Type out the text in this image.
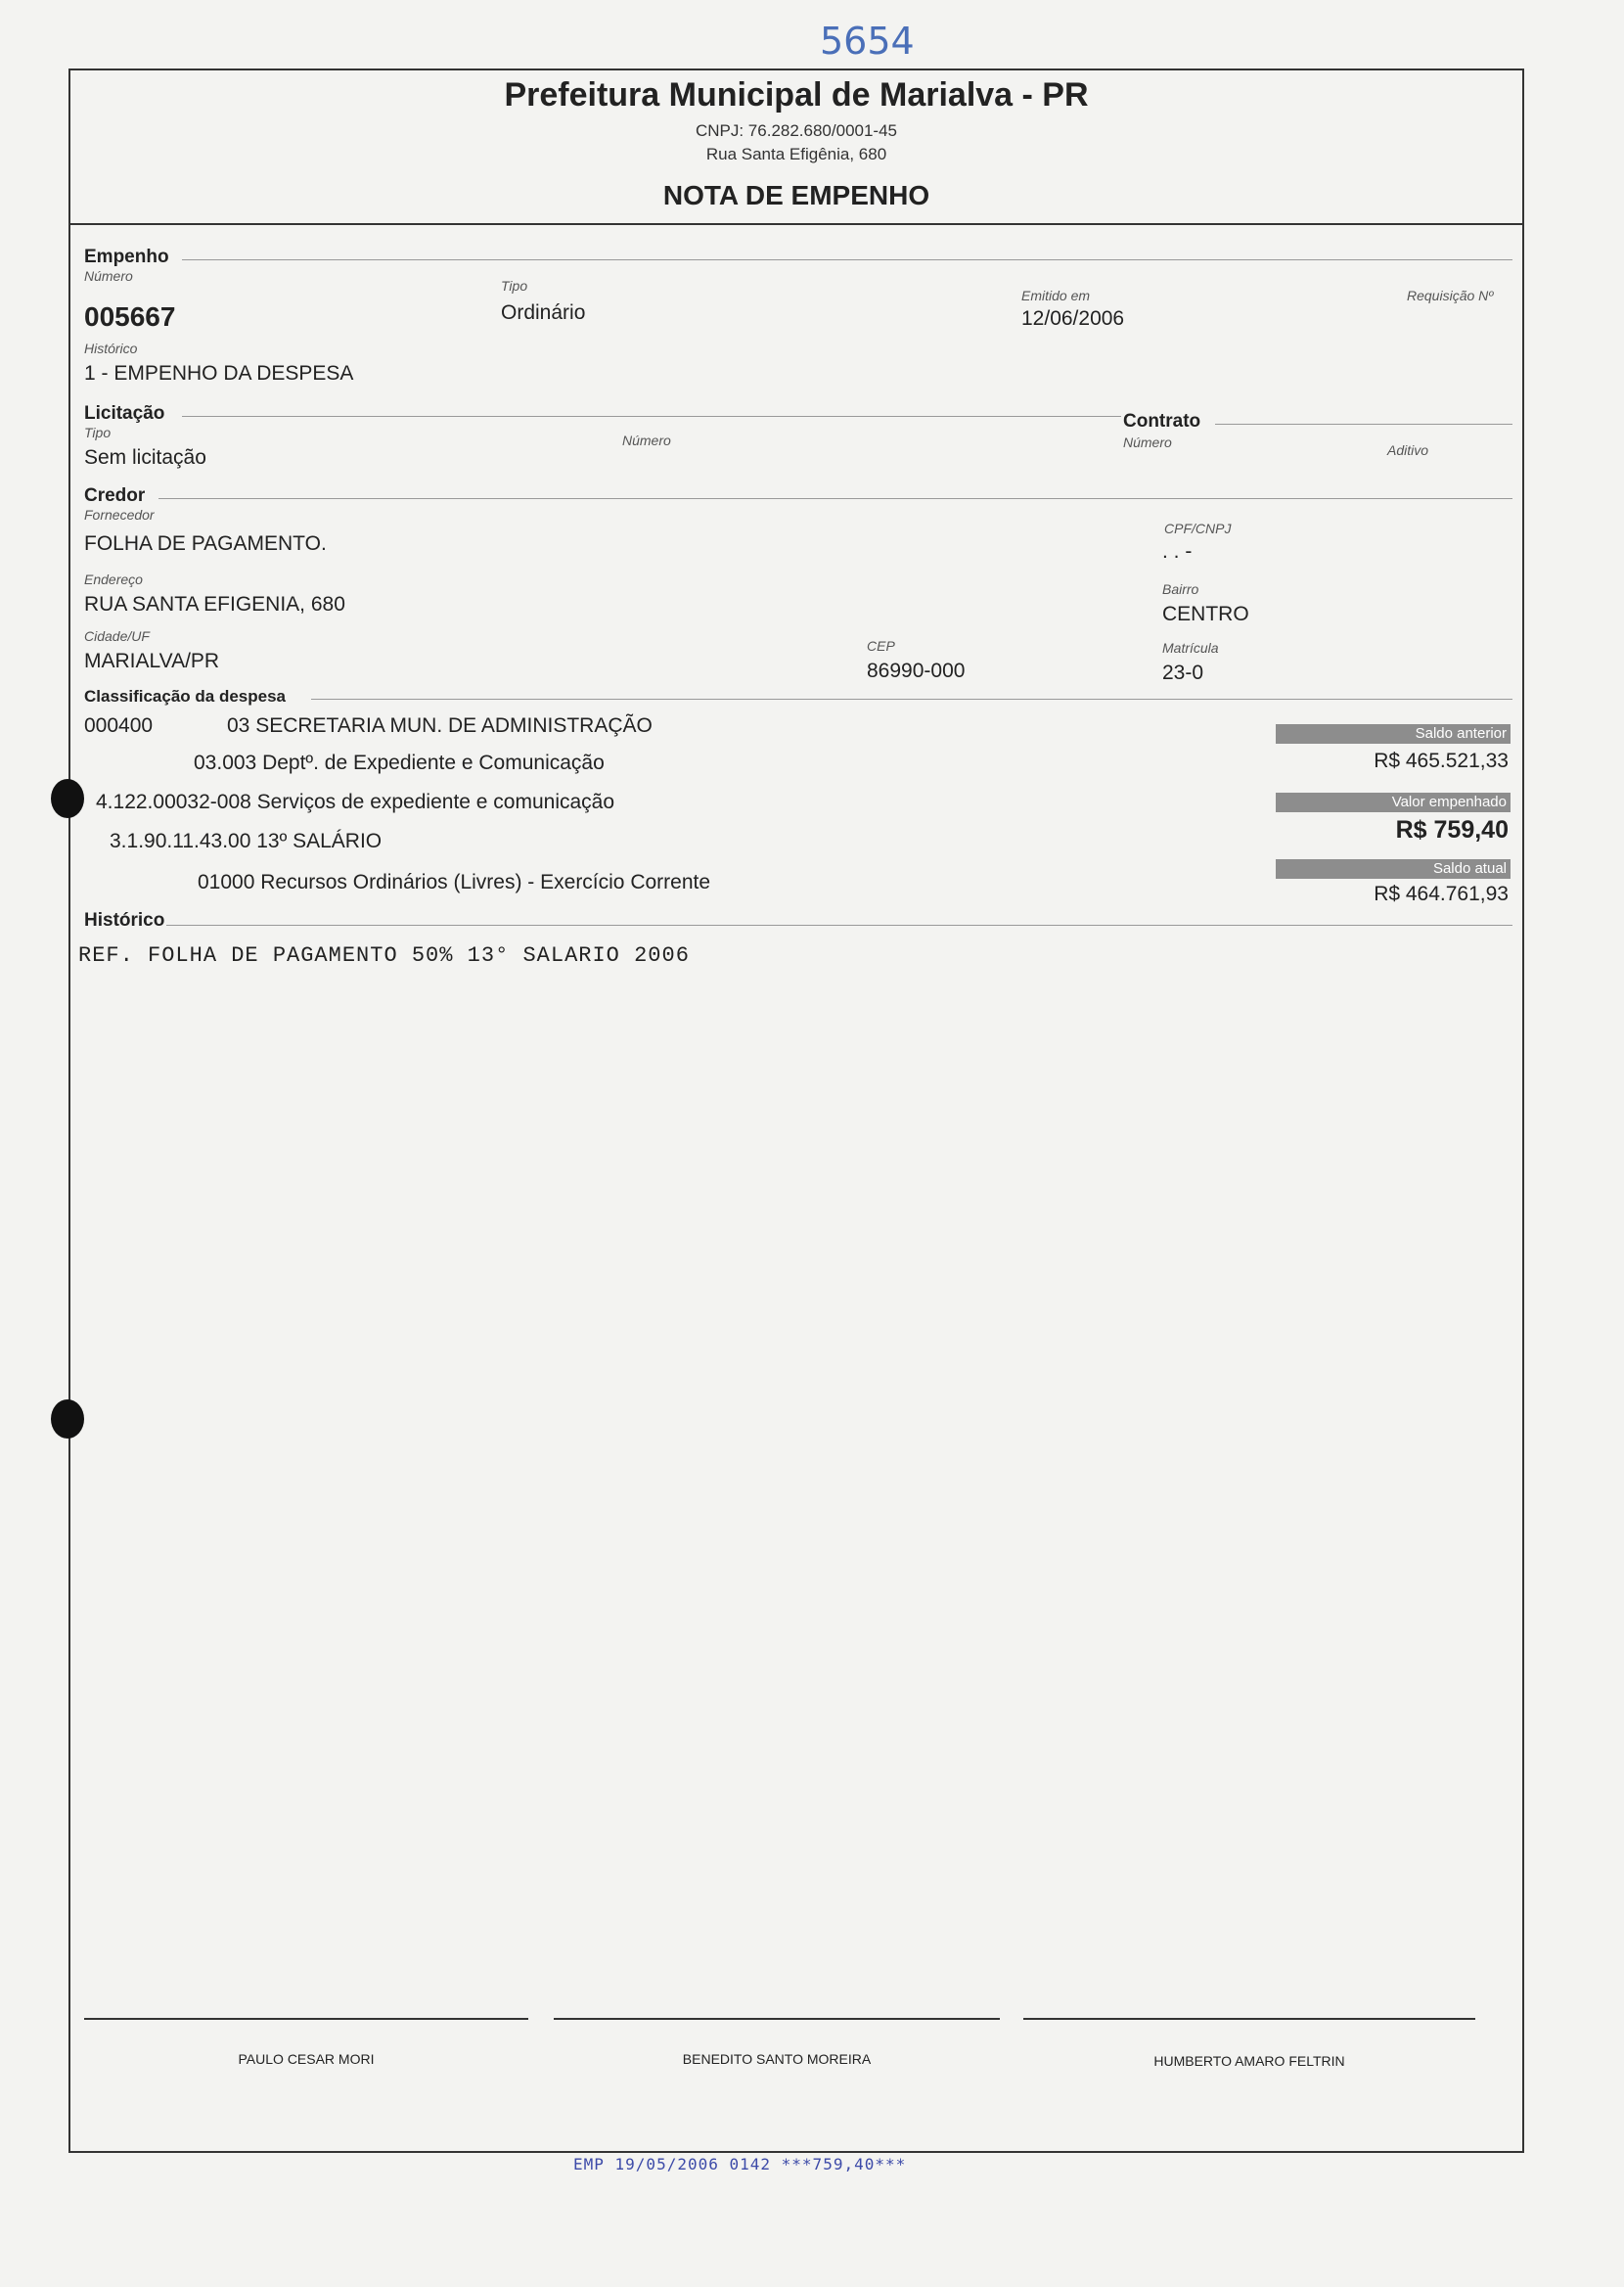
5654
Prefeitura Municipal de Marialva - PR
CNPJ: 76.282.680/0001-45
Rua Santa Efigênia, 680
NOTA DE EMPENHO
Empenho
Número
005667
Tipo
Ordinário
Emitido em
12/06/2006
Requisição Nº
Histórico
1 - EMPENHO DA DESPESA
Licitação
Tipo
Sem licitação
Número
Contrato
Número	Aditivo
Credor
Fornecedor
FOLHA DE PAGAMENTO.
CPF/CNPJ
. . -
Endereço
RUA SANTA EFIGENIA, 680
Bairro
CENTRO
Cidade/UF
MARIALVA/PR
CEP
86990-000
Matrícula
23-0
Classificação da despesa
000400	03 SECRETARIA MUN. DE ADMINISTRAÇÃO
03.003 Deptº. de Expediente e Comunicação
4.122.00032-008 Serviços de expediente e comunicação
3.1.90.11.43.00 13º SALÁRIO
01000 Recursos Ordinários (Livres) - Exercício Corrente
Saldo anterior
R$ 465.521,33
Valor empenhado
R$ 759,40
Saldo atual
R$ 464.761,93
Histórico
REF. FOLHA DE PAGAMENTO 50% 13° SALARIO 2006
PAULO CESAR MORI	BENEDITO SANTO MOREIRA	HUMBERTO AMARO FELTRIN
EMP 19/05/2006 0142 ***759,40***
